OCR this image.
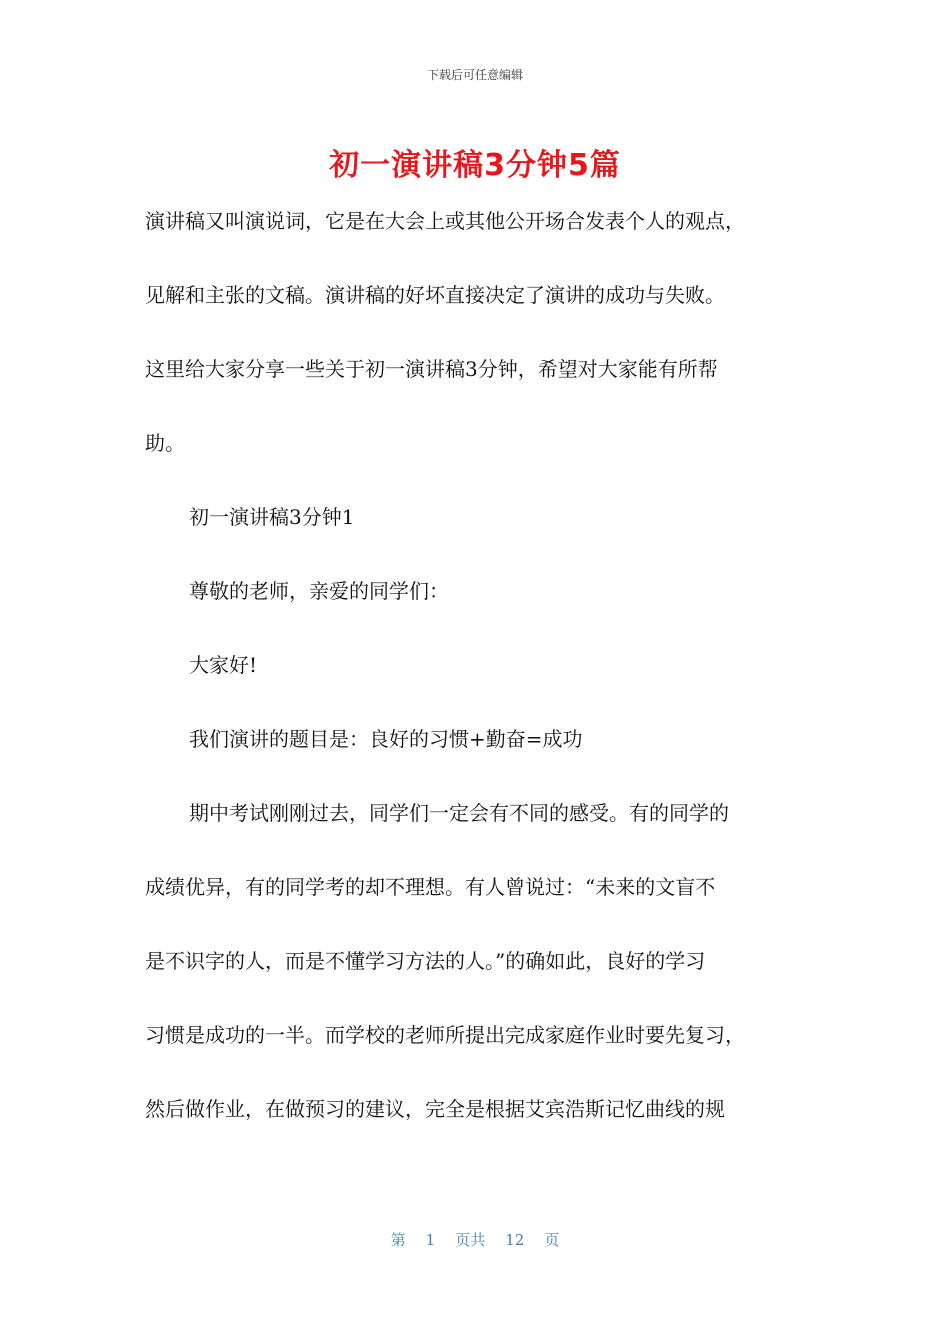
下载后可任意编辑
初一演讲稿3分钟5篇

演讲稿又叫演说词，它是在大会上或其他公开场合发表个人的观点，

见解和主张的文稿。演讲稿的好坏直接决定了演讲的成功与失败。

这里给大家分享一些关于初一演讲稿3分钟，希望对大家能有所帮

助。

初一演讲稿3分钟1

尊敬的老师，亲爱的同学们：

大家好!

我们演讲的题目是：良好的习惯+勤奋=成功

期中考试刚刚过去，同学们一定会有不同的感受。有的同学的

成绩优异，有的同学考的却不理想。有人曾说过：“未来的文盲不

是不识字的人，而是不懂学习方法的人。”的确如此，良好的学习

习惯是成功的一半。而学校的老师所提出完成家庭作业时要先复习，

然后做作业，在做预习的建议，完全是根据艾宾浩斯记忆曲线的规

第 1 页共 12 页
